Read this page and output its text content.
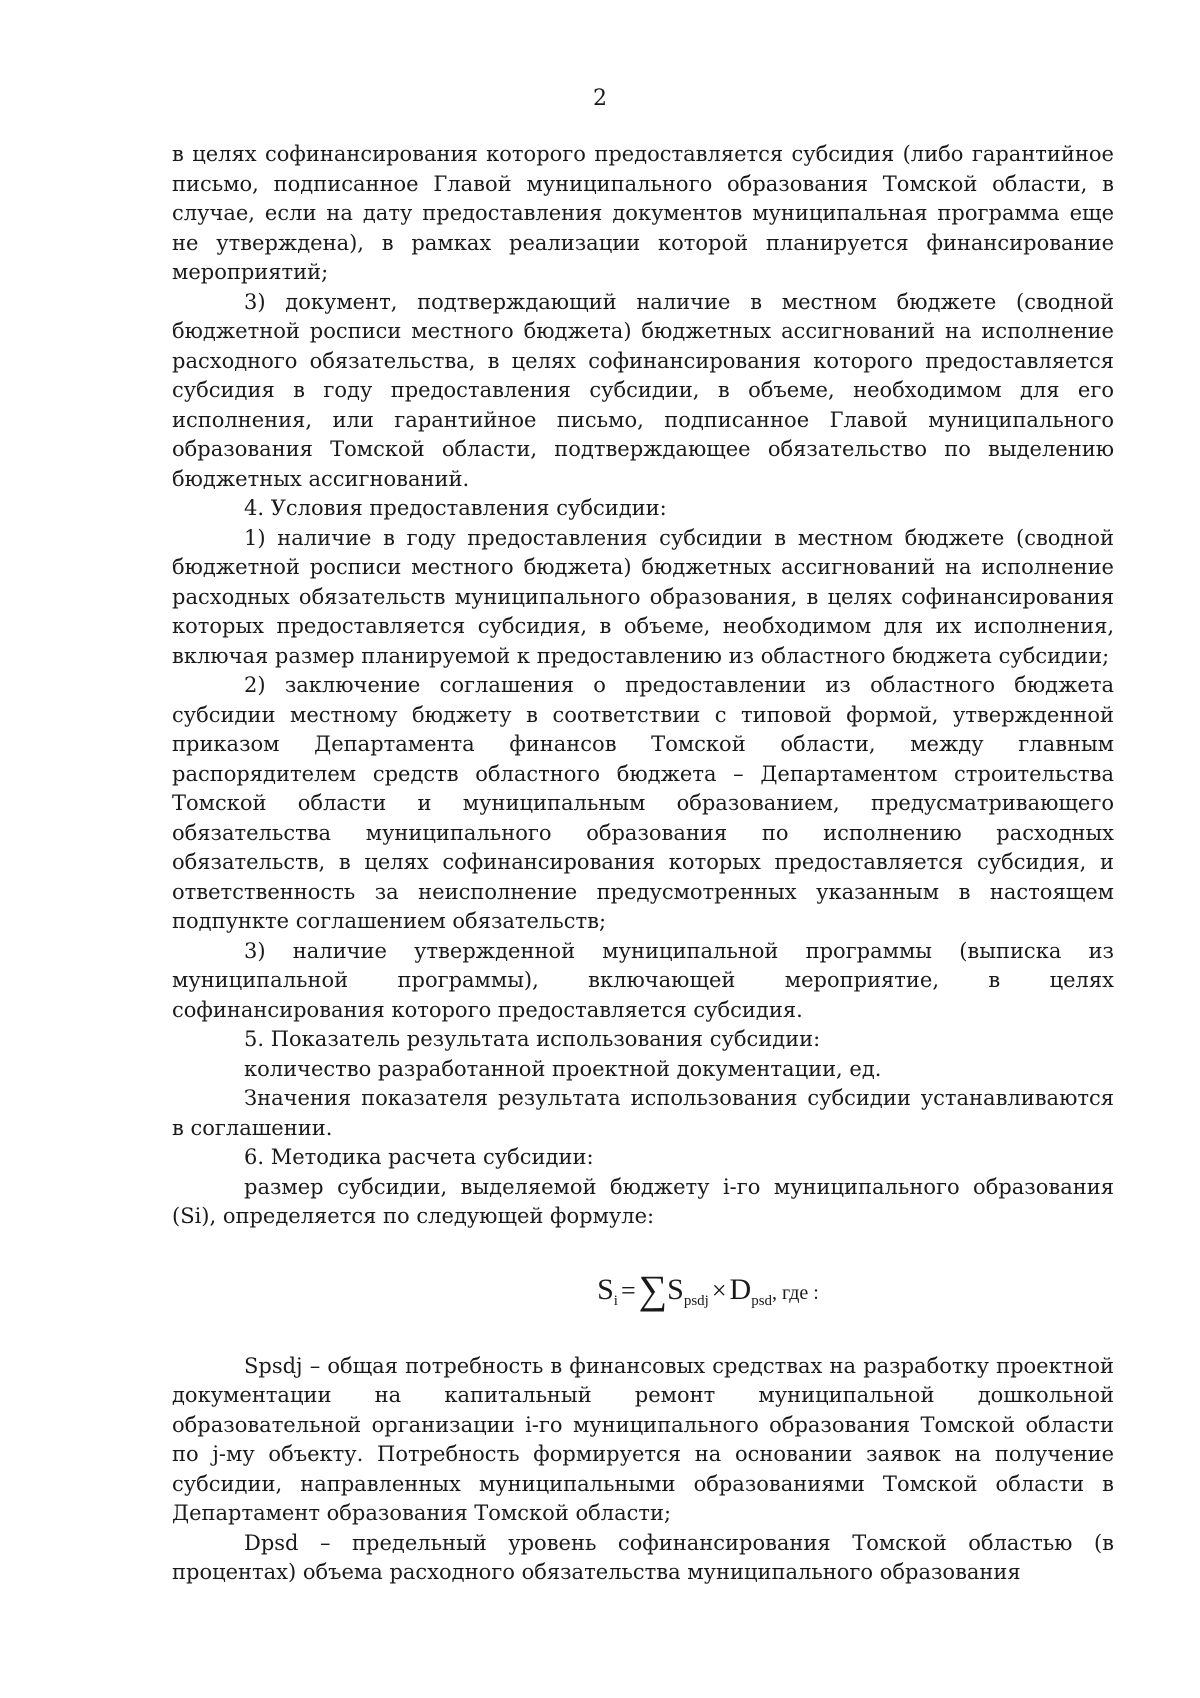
2

в целях софинансирования которого предоставляется субсидия (либо гарантийное письмо, подписанное Главой муниципального образования Томской области, в случае, если на дату предоставления документов муниципальная программа еще не утверждена), в рамках реализации которой планируется финансирование мероприятий;

3) документ, подтверждающий наличие в местном бюджете (сводной бюджетной росписи местного бюджета) бюджетных ассигнований на исполнение расходного обязательства, в целях софинансирования которого предоставляется субсидия в году предоставления субсидии, в объеме, необходимом для его исполнения, или гарантийное письмо, подписанное Главой муниципального образования Томской области, подтверждающее обязательство по выделению бюджетных ассигнований.

4. Условия предоставления субсидии:

1) наличие в году предоставления субсидии в местном бюджете (сводной бюджетной росписи местного бюджета) бюджетных ассигнований на исполнение расходных обязательств муниципального образования, в целях софинансирования которых предоставляется субсидия, в объеме, необходимом для их исполнения, включая размер планируемой к предоставлению из областного бюджета субсидии;

2) заключение соглашения о предоставлении из областного бюджета субсидии местному бюджету в соответствии с типовой формой, утвержденной приказом Департамента финансов Томской области, между главным распорядителем средств областного бюджета – Департаментом строительства Томской области и муниципальным образованием, предусматривающего обязательства муниципального образования по исполнению расходных обязательств, в целях софинансирования которых предоставляется субсидия, и ответственность за неисполнение предусмотренных указанным в настоящем подпункте соглашением обязательств;

3) наличие утвержденной муниципальной программы (выписка из муниципальной программы), включающей мероприятие, в целях софинансирования которого предоставляется субсидия.

5. Показатель результата использования субсидии:

количество разработанной проектной документации, ед.

Значения показателя результата использования субсидии устанавливаются в соглашении.

6. Методика расчета субсидии:

размер субсидии, выделяемой бюджету i-го муниципального образования (Si), определяется по следующей формуле:

$S_i =\sum S_{psdj} \times D_{psd}$, где :

Spsdj – общая потребность в финансовых средствах на разработку проектной документации на капитальный ремонт муниципальной дошкольной образовательной организации i-го муниципального образования Томской области по j-му объекту. Потребность формируется на основании заявок на получение субсидии, направленных муниципальными образованиями Томской области в Департамент образования Томской области;

Dpsd – предельный уровень софинансирования Томской областью (в процентах) объема расходного обязательства муниципального образования
